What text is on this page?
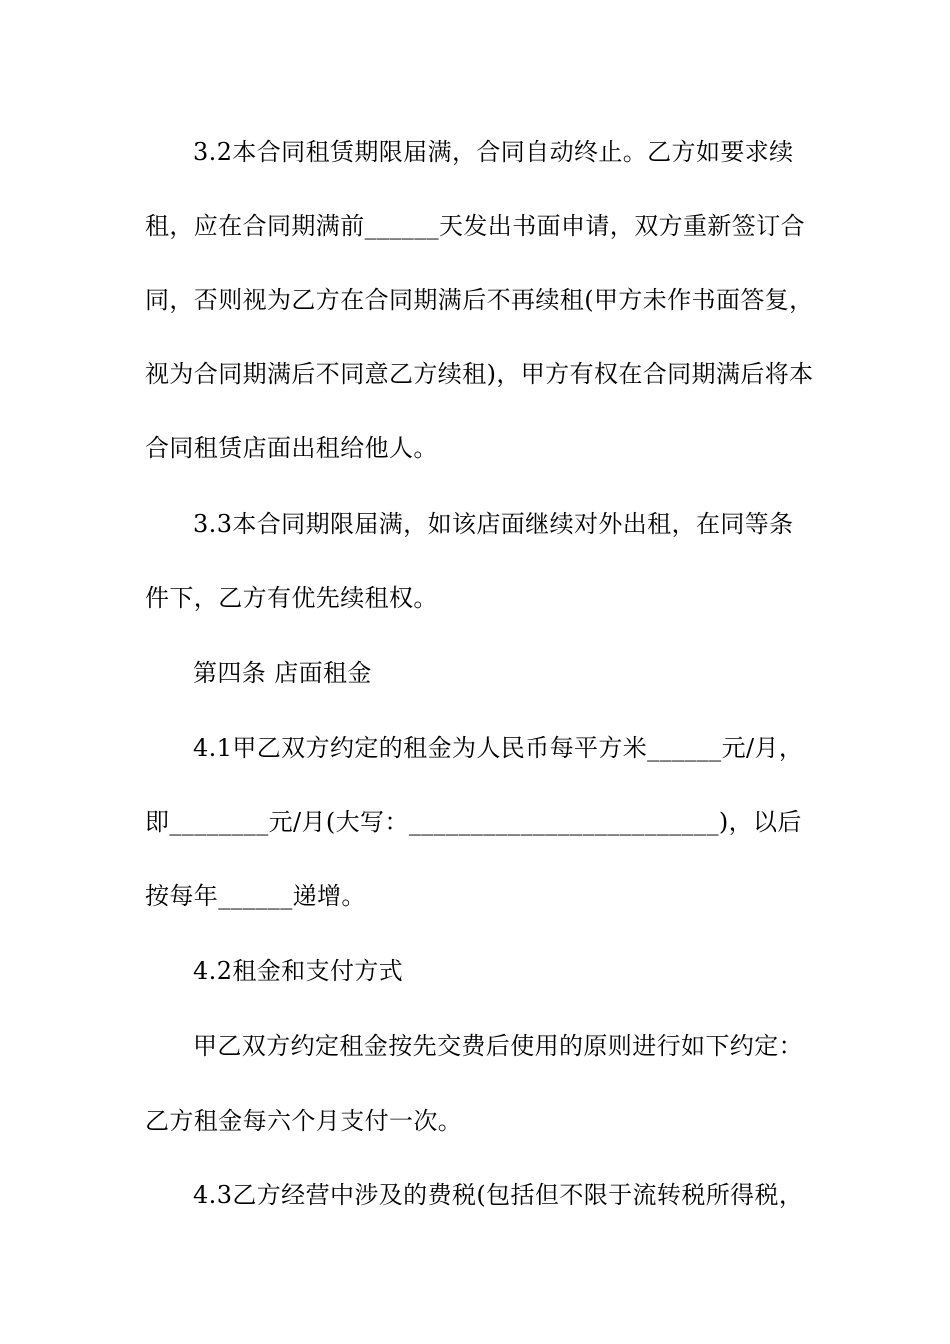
3.2本合同租赁期限届满，合同自动终止。乙方如要求续
租，应在合同期满前______天发出书面申请，双方重新签订合
同，否则视为乙方在合同期满后不再续租(甲方未作书面答复，
视为合同期满后不同意乙方续租)，甲方有权在合同期满后将本
合同租赁店面出租给他人。
3.3本合同期限届满，如该店面继续对外出租，在同等条
件下，乙方有优先续租权。
第四条 店面租金
4.1甲乙双方约定的租金为人民币每平方米______元/月，
即________元/月(大写：_________________________)，以后
按每年______递增。
4.2租金和支付方式
甲乙双方约定租金按先交费后使用的原则进行如下约定：
乙方租金每六个月支付一次。
4.3乙方经营中涉及的费税(包括但不限于流转税所得税，
